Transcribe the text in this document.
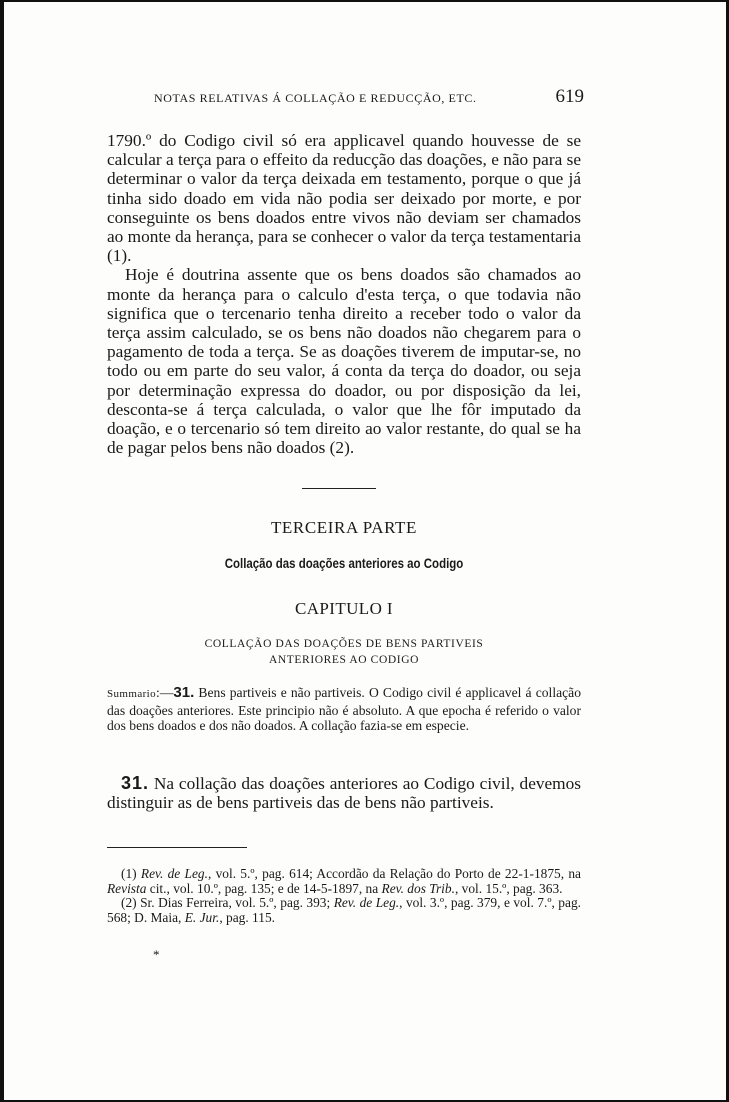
NOTAS RELATIVAS Á COLLAÇÃO E REDUCÇÃO, ETC.	619

1790.º do Codigo civil só era applicavel quando houvesse de se calcular a terça para o effeito da reducção das doações, e não para se determinar o valor da terça deixada em testamento, porque o que já tinha sido doado em vida não podia ser deixado por morte, e por conseguinte os bens doados entre vivos não deviam ser chamados ao monte da herança, para se conhecer o valor da terça testamentaria (1).

Hoje é doutrina assente que os bens doados são chamados ao monte da herança para o calculo d'esta terça, o que todavia não significa que o tercenario tenha direito a receber todo o valor da terça assim calculado, se os bens não doados não chegarem para o pagamento de toda a terça. Se as doações tiverem de imputar-se, no todo ou em parte do seu valor, á conta da terça do doador, ou seja por determinação expressa do doador, ou por disposição da lei, desconta-se á terça calculada, o valor que lhe fôr imputado da doação, e o tercenario só tem direito ao valor restante, do qual se ha de pagar pelos bens não doados (2).

TERCEIRA PARTE
Collação das doações anteriores ao Codigo
CAPITULO I
COLLAÇÃO DAS DOAÇÕES DE BENS PARTIVEIS
ANTERIORES AO CODIGO
Summario:—31. Bens partiveis e não partiveis. O Codigo civil é applicavel á collação das doações anteriores. Este principio não é absoluto. A que epocha é referido o valor dos bens doados e dos não doados. A collação fazia-se em especie.
31. Na collação das doações anteriores ao Codigo civil, devemos distinguir as de bens partiveis das de bens não partiveis.

(1) Rev. de Leg., vol. 5.º, pag. 614; Accordão da Relação do Porto de 22-1-1875, na Revista cit., vol. 10.º, pag. 135; e de 14-5-1897, na Rev. dos Trib., vol. 15.º, pag. 363.

(2) Sr. Dias Ferreira, vol. 5.º, pag. 393; Rev. de Leg., vol. 3.º, pag. 379, e vol. 7.º, pag. 568; D. Maia, E. Jur., pag. 115.

*
